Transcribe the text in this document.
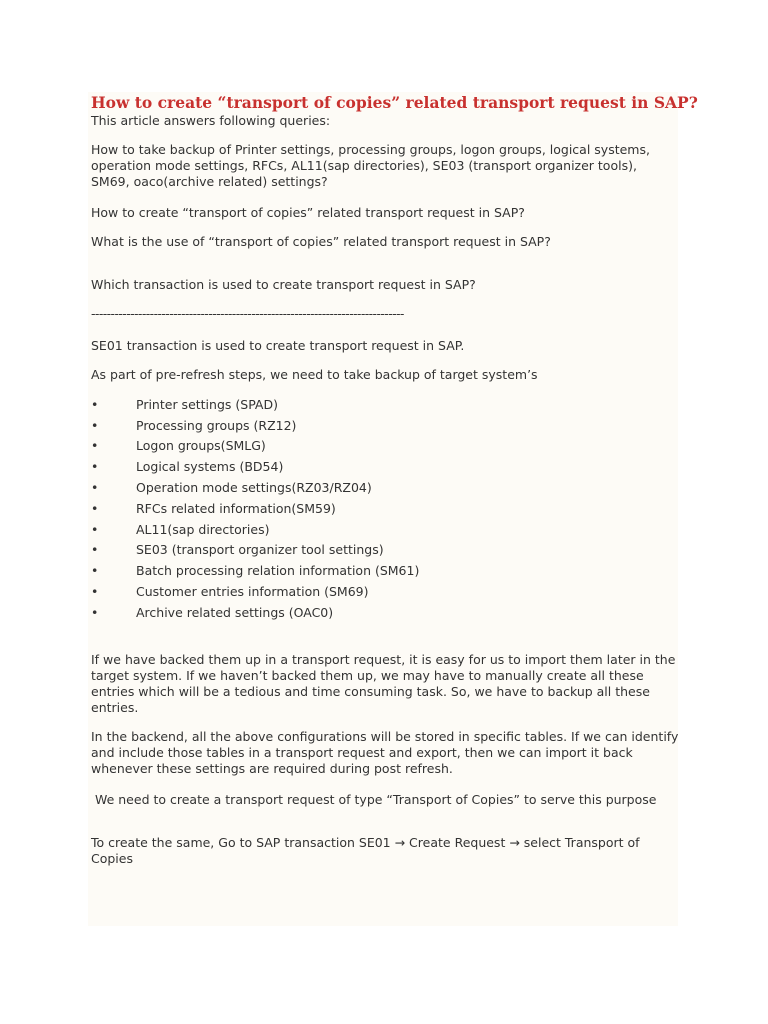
How to create “transport of copies” related transport request in SAP?

This article answers following queries:

How to take backup of Printer settings, processing groups, logon groups, logical systems, operation mode settings, RFCs, AL11(sap directories), SE03 (transport organizer tools), SM69, oaco(archive related) settings?

How to create “transport of copies” related transport request in SAP?

What is the use of “transport of copies” related transport request in SAP?

Which transaction is used to create transport request in SAP?

--------------------------------------------------------------------------------

SE01 transaction is used to create transport request in SAP.

As part of pre-refresh steps, we need to take backup of target system’s

•	Printer settings (SPAD)
•	Processing groups (RZ12)
•	Logon groups(SMLG)
•	Logical systems (BD54)
•	Operation mode settings(RZ03/RZ04)
•	RFCs related information(SM59)
•	AL11(sap directories)
•	SE03 (transport organizer tool settings)
•	Batch processing relation information (SM61)
•	Customer entries information (SM69)
•	Archive related settings (OAC0)

If we have backed them up in a transport request, it is easy for us to import them later in the target system. If we haven’t backed them up, we may have to manually create all these entries which will be a tedious and time consuming task. So, we have to backup all these entries.

In the backend, all the above configurations will be stored in specific tables. If we can identify and include those tables in a transport request and export, then we can import it back whenever these settings are required during post refresh.

We need to create a transport request of type “Transport of Copies” to serve this purpose

To create the same, Go to SAP transaction SE01 → Create Request → select Transport of Copies
